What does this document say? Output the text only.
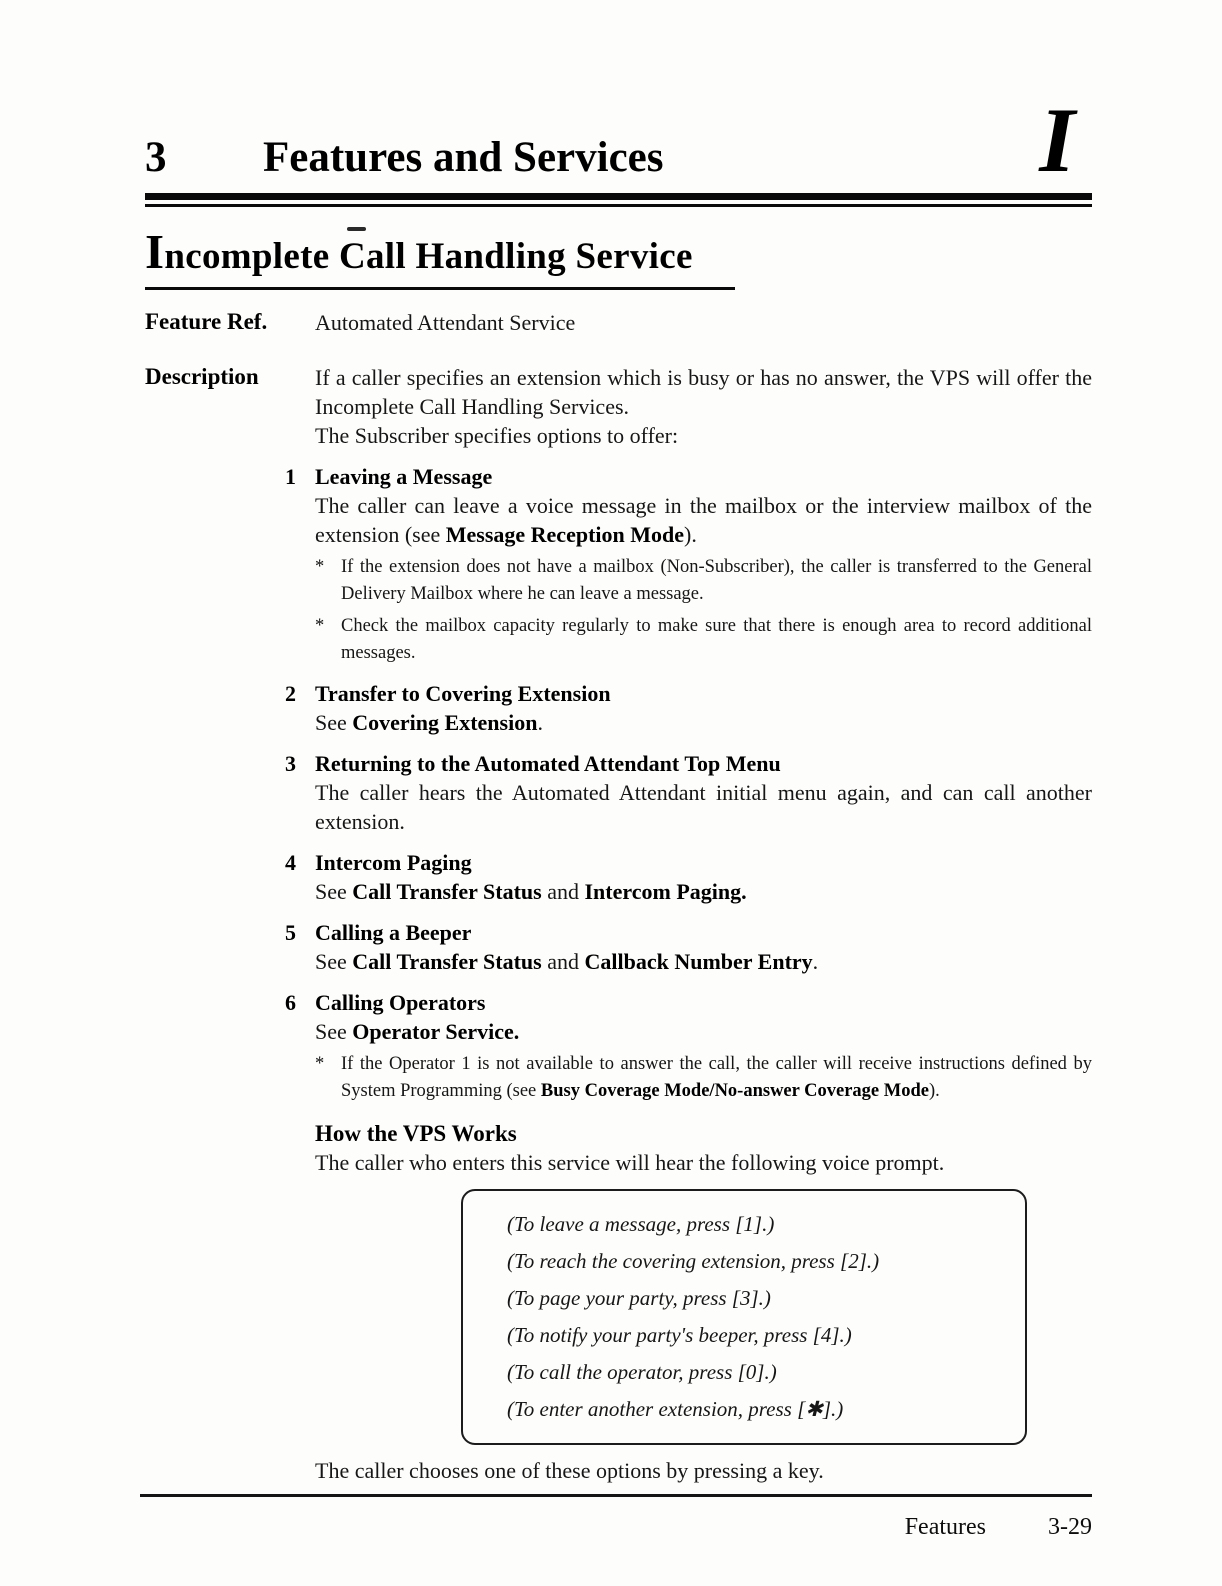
3 Features and Services
Incomplete Call Handling Service
I
Feature Ref.	Automated Attendant Service
Description	If a caller specifies an extension which is busy or has no answer, the VPS will offer the Incomplete Call Handling Services.

The Subscriber specifies options to offer:

1 Leaving a Message

The caller can leave a voice message in the mailbox or the interview mailbox of the extension (see Message Reception Mode).

* If the extension does not have a mailbox (Non-Subscriber), the caller is transferred to the General Delivery Mailbox where he can leave a message.
* Check the mailbox capacity regularly to make sure that there is enough area to record additional messages.
2 Transfer to Covering Extension

See Covering Extension.

3 Returning to the Automated Attendant Top Menu

The caller hears the Automated Attendant initial menu again, and can call another extension.

4 Intercom Paging

See Call Transfer Status and Intercom Paging.

5 Calling a Beeper

See Call Transfer Status and Callback Number Entry.

6 Calling Operators

See Operator Service.

* If the Operator 1 is not available to answer the call, the caller will receive instructions defined by System Programming (see Busy Coverage Mode/No-answer Coverage Mode).
How the VPS Works

The caller who enters this service will hear the following voice prompt.

(To leave a message, press [1].)

(To reach the covering extension, press [2].)

(To page your party, press [3].)

(To notify your party's beeper, press [4].)

(To call the operator, press [0].)

(To enter another extension, press [✱].)

The caller chooses one of these options by pressing a key.

Features	3-29
